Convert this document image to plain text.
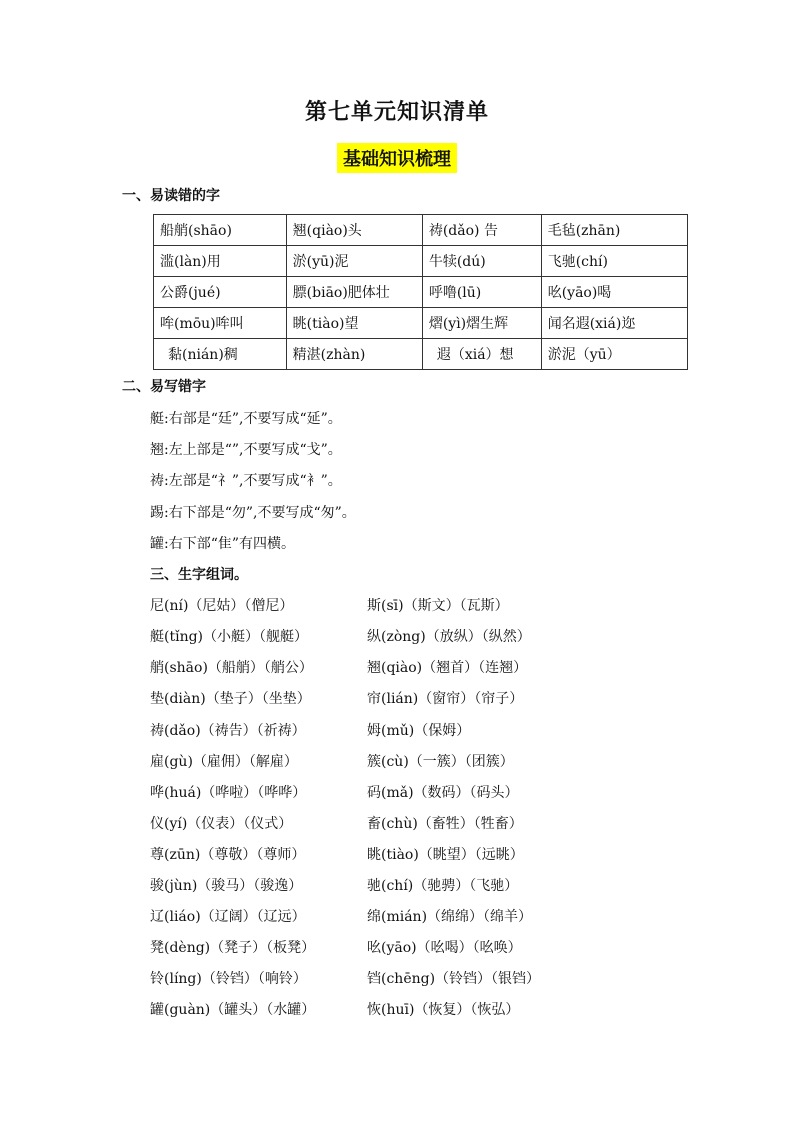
第七单元知识清单
基础知识梳理
一、易读错的字
船艄(shāo)	翘(qiào)头	祷(dǎo) 告	毛毡(zhān)
滥(làn)用	淤(yū)泥	牛犊(dú)	飞驰(chí)
公爵(jué)	膘(biāo)肥体壮	呼噜(lū)	吆(yāo)喝
哞(mōu)哞叫	眺(tiào)望	熠(yì)熠生辉	闻名遐(xiá)迩
黏(nián)稠	精湛(zhàn)	遐（xiá）想	淤泥（yū）
二、易写错字
艇:右部是“廷”,不要写成“延”。
翘:左上部是“”,不要写成“戈”。
祷:左部是“礻”,不要写成“衤”。
踢:右下部是“勿”,不要写成“匆”。
罐:右下部“隹”有四横。
三、生字组词。
尼(ní)（尼姑）（僧尼）	斯(sī)（斯文）（瓦斯）
艇(tǐng)（小艇）（舰艇）	纵(zòng)（放纵）（纵然）
艄(shāo)（船艄）（艄公）	翘(qiào)（翘首）（连翘）
垫(diàn)（垫子）（坐垫）	帘(lián)（窗帘）（帘子）
祷(dǎo)（祷告）（祈祷）	姆(mǔ)（保姆）
雇(gù)（雇佣）（解雇）	簇(cù)（一簇）（团簇）
哗(huá)（哗啦）（哗哗）	码(mǎ)（数码）（码头）
仪(yí)（仪表）（仪式）	畜(chù)（畜牲）（牲畜）
尊(zūn)（尊敬）（尊师）	眺(tiào)（眺望）（远眺）
骏(jùn)（骏马）（骏逸）	驰(chí)（驰骋）（飞驰）
辽(liáo)（辽阔）（辽远）	绵(mián)（绵绵）（绵羊）
凳(dèng)（凳子）（板凳）	吆(yāo)（吆喝）（吆唤）
铃(líng)（铃铛）（响铃）	铛(chēng)（铃铛）（银铛）
罐(guàn)（罐头）（水罐）	恢(huī)（恢复）（恢弘）
